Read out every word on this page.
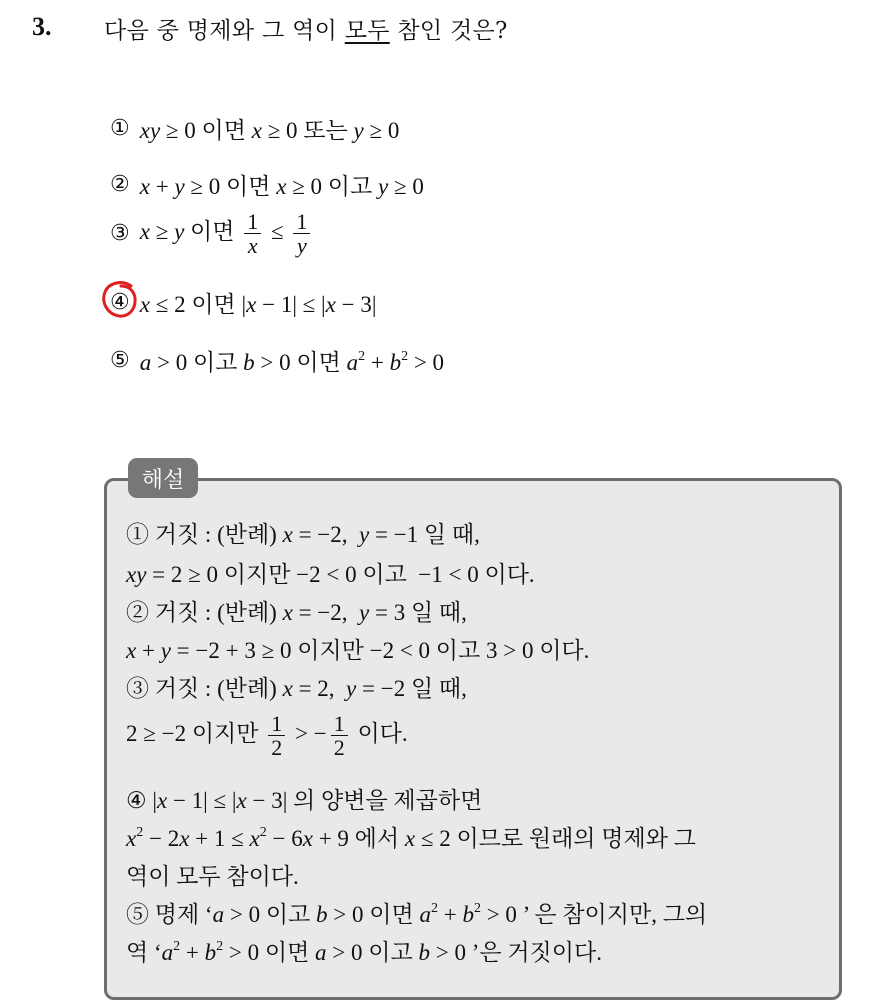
3. 다음 중 명제와 그 역이 모두 참인 것은?
① xy ≥ 0 이면 x ≥ 0 또는 y ≥ 0
② x + y ≥ 0 이면 x ≥ 0 이고 y ≥ 0
③ x ≥ y 이면 $\frac{1}{x} \le \frac{1}{y}$
④ x ≤ 2 이면 |x − 1| ≤ |x − 3|
⑤ a > 0 이고 b > 0 이면 $a^2 + b^2 > 0$
해설
① 거짓 : (반례) x = −2,  y = −1 일 때,
xy = 2 ≥ 0 이지만 −2 < 0 이고  −1 < 0 이다.
② 거짓 : (반례) x = −2,  y = 3 일 때,
x + y = −2 + 3 ≥ 0 이지만 −2 < 0 이고 3 > 0 이다.
③ 거짓 : (반례) x = 2,  y = −2 일 때,
2 ≥ −2 이지만 $\frac{1}{2}$ > − $\frac{1}{2}$ 이다.
④ |x − 1| ≤ |x − 3| 의 양변을 제곱하면
$x^2 - 2x + 1 \le x^2 - 6x + 9$ 에서 x ≤ 2 이므로 원래의 명제와 그
역이 모두 참이다.
⑤ 명제 ‘a > 0 이고 b > 0 이면 $a^2 + b^2 > 0$ ’ 은 참이지만, 그의
역 ‘$a^2 + b^2 > 0$ 이면 a > 0 이고 b > 0 ’은 거짓이다.
